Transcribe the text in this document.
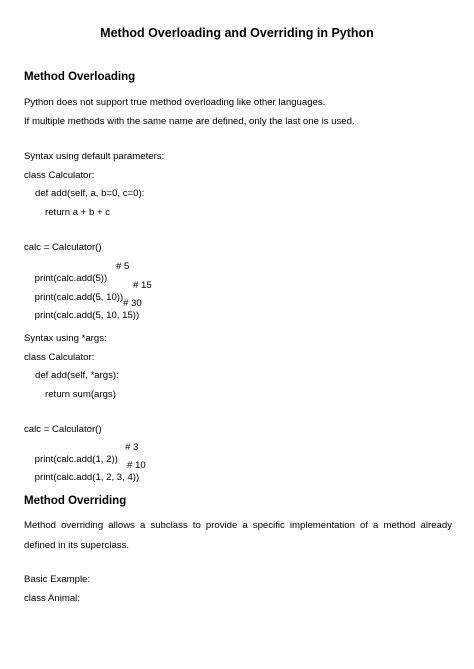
Method Overloading and Overriding in Python
Method Overloading
Python does not support true method overloading like other languages.
If multiple methods with the same name are defined, only the last one is used.
Syntax using default parameters:
class Calculator:
def add(self, a, b=0, c=0):
return a + b + c
calc = Calculator()

print(calc.add(5))

# 5

print(calc.add(5, 10))

# 15

print(calc.add(5, 10, 15))

# 30
Syntax using *args:
class Calculator:
def add(self, *args):
return sum(args)
calc = Calculator()

print(calc.add(1, 2))

# 3

print(calc.add(1, 2, 3, 4))

# 10
Method Overriding
Method overriding allows a subclass to provide a specific implementation of a method already defined in its superclass.
Basic Example:
class Animal:
